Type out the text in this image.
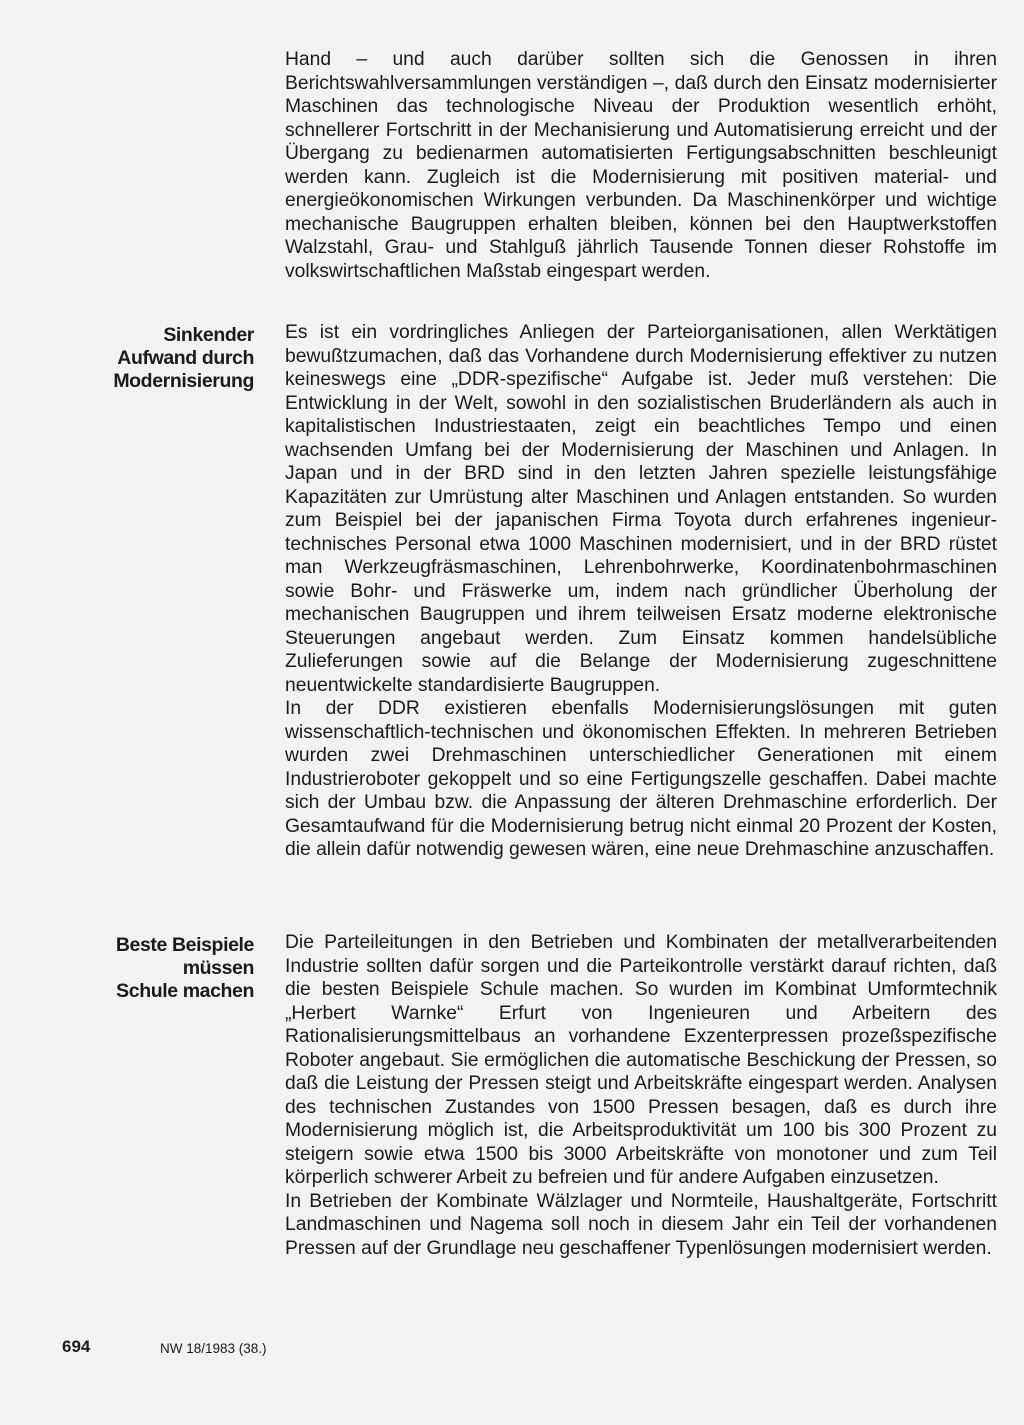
Hand – und auch darüber sollten sich die Genossen in ihren Berichtswahlversammlungen verständigen –, daß durch den Einsatz modernisierter Maschinen das technologische Niveau der Produktion wesentlich erhöht, schnellerer Fortschritt in der Mechanisierung und Automatisierung erreicht und der Übergang zu bedienarmen automatisierten Fertigungsabschnitten beschleunigt werden kann. Zugleich ist die Modernisierung mit positiven material- und energieökonomischen Wirkungen verbunden. Da Maschinenkörper und wichtige mechanische Baugruppen erhalten bleiben, können bei den Hauptwerkstoffen Walzstahl, Grau- und Stahlguß jährlich Tausende Tonnen dieser Rohstoffe im volkswirtschaftlichen Maßstab eingespart werden.

Sinkender
Aufwand durch
Modernisierung

Es ist ein vordringliches Anliegen der Parteiorganisationen, allen Werktätigen bewußtzumachen, daß das Vorhandene durch Modernisierung effektiver zu nutzen keineswegs eine „DDR-spezifische“ Aufgabe ist. Jeder muß verstehen: Die Entwicklung in der Welt, sowohl in den sozialistischen Bruderländern als auch in kapitalistischen Industriestaaten, zeigt ein beachtliches Tempo und einen wachsenden Umfang bei der Modernisierung der Maschinen und Anlagen. In Japan und in der BRD sind in den letzten Jahren spezielle leistungsfähige Kapazitäten zur Umrüstung alter Maschinen und Anlagen entstanden. So wurden zum Beispiel bei der japanischen Firma Toyota durch erfahrenes ingenieur-technisches Personal etwa 1000 Maschinen modernisiert, und in der BRD rüstet man Werkzeugfräsmaschinen, Lehrenbohrwerke, Koordinatenbohrmaschinen sowie Bohr- und Fräswerke um, indem nach gründlicher Überholung der mechanischen Baugruppen und ihrem teilweisen Ersatz moderne elektronische Steuerungen angebaut werden. Zum Einsatz kommen handelsübliche Zulieferungen sowie auf die Belange der Modernisierung zugeschnittene neuentwickelte standardisierte Baugruppen.

In der DDR existieren ebenfalls Modernisierungslösungen mit guten wissenschaftlich-technischen und ökonomischen Effekten. In mehreren Betrieben wurden zwei Drehmaschinen unterschiedlicher Generationen mit einem Industrieroboter gekoppelt und so eine Fertigungszelle geschaffen. Dabei machte sich der Umbau bzw. die Anpassung der älteren Drehmaschine erforderlich. Der Gesamtaufwand für die Modernisierung betrug nicht einmal 20 Prozent der Kosten, die allein dafür notwendig gewesen wären, eine neue Drehmaschine anzuschaffen.

Beste Beispiele
müssen
Schule machen

Die Parteileitungen in den Betrieben und Kombinaten der metallverarbeitenden Industrie sollten dafür sorgen und die Parteikontrolle verstärkt darauf richten, daß die besten Beispiele Schule machen. So wurden im Kombinat Umformtechnik „Herbert Warnke“ Erfurt von Ingenieuren und Arbeitern des Rationalisierungsmittelbaus an vorhandene Exzenterpressen prozeßspezifische Roboter angebaut. Sie ermöglichen die automatische Beschickung der Pressen, so daß die Leistung der Pressen steigt und Arbeitskräfte eingespart werden. Analysen des technischen Zustandes von 1500 Pressen besagen, daß es durch ihre Modernisierung möglich ist, die Arbeitsproduktivität um 100 bis 300 Prozent zu steigern sowie etwa 1500 bis 3000 Arbeitskräfte von monotoner und zum Teil körperlich schwerer Arbeit zu befreien und für andere Aufgaben einzusetzen.

In Betrieben der Kombinate Wälzlager und Normteile, Haushaltgeräte, Fortschritt Landmaschinen und Nagema soll noch in diesem Jahr ein Teil der vorhandenen Pressen auf der Grundlage neu geschaffener Typenlösungen modernisiert werden.

694	NW 18/1983 (38.)
